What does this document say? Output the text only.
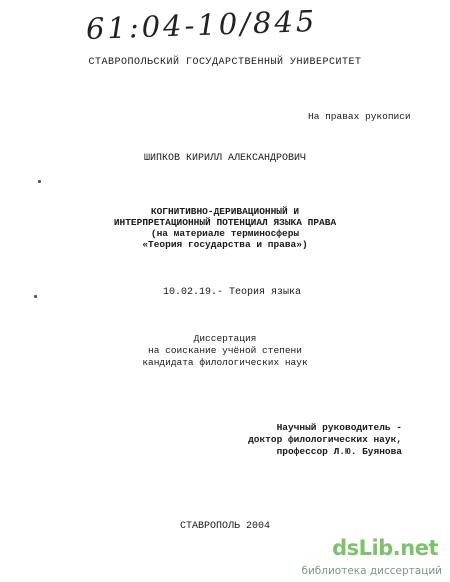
61:04-10/845
СТАВРОПОЛЬСКИЙ ГОСУДАРСТВЕННЫЙ УНИВЕРСИТЕТ
На правах рукописи
ШИПКОВ КИРИЛЛ АЛЕКСАНДРОВИЧ
КОГНИТИВНО-ДЕРИВАЦИОННЫЙ И
ИНТЕРПРЕТАЦИОННЫЙ ПОТЕНЦИАЛ ЯЗЫКА ПРАВА
(на материале терминосферы
«Теория государства и права»)
10.02.19.- Теория языка
Диссертация
на соискание учёной степени
кандидата филологических наук
Научный руководитель -
доктор филологических наук,
профессор Л.Ю. Буянова
СТАВРОПОЛЬ 2004
dsLib.net
библиотека диссертаций
